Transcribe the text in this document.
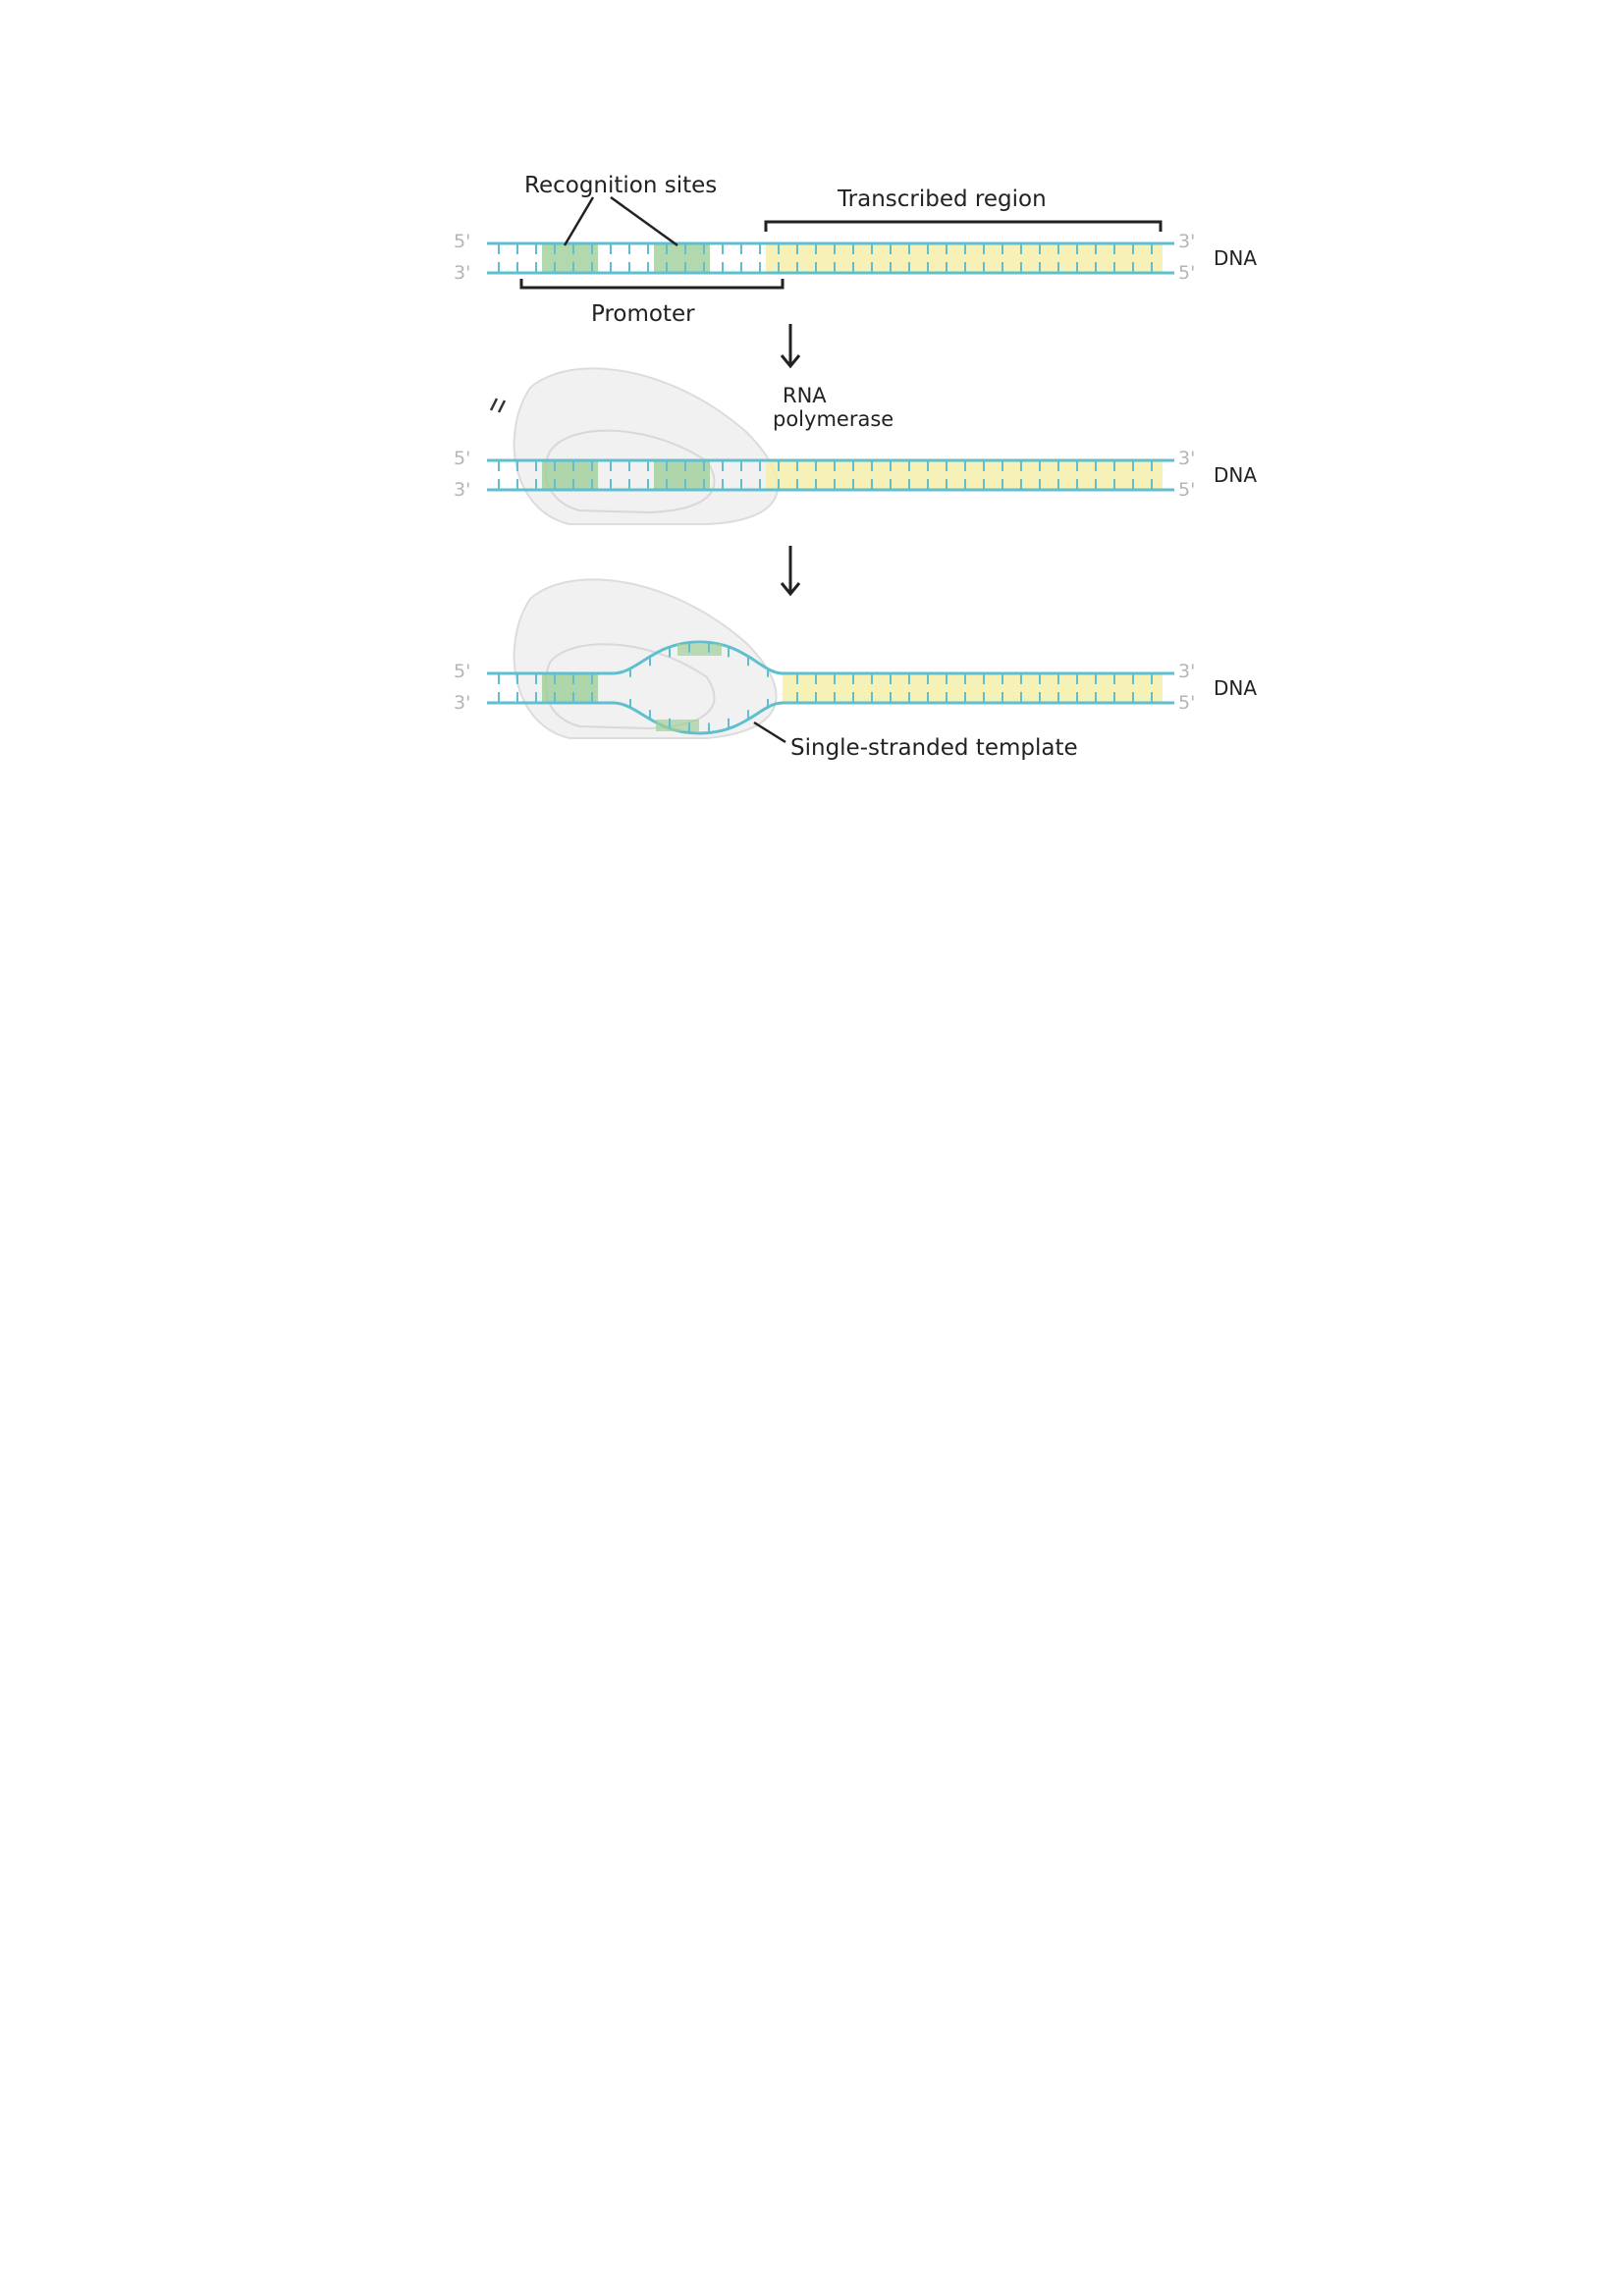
Recognition sites
Transcribed region
Promoter
RNA
polymerase
Single-stranded template
DNA
DNA
DNA
5'
3'
3'
5'
5'
3'
3'
5'
5'
3'
3'
5'
